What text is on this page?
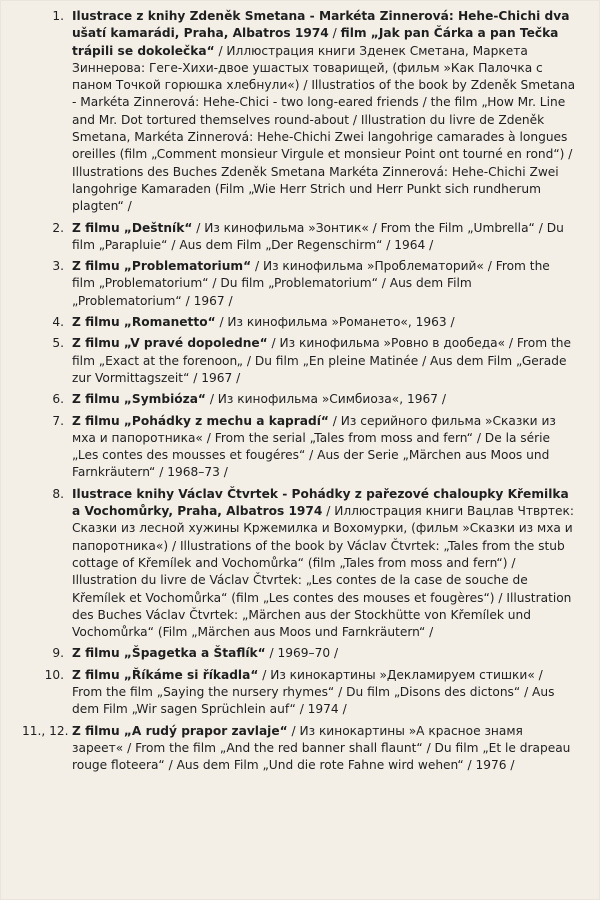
1. Ilustrace z knihy Zdeněk Smetana - Markéta Zinnerová: Hehe-Chichi dva ušatí kamarádi, Praha, Albatros 1974 / film „Jak pan Čárka a pan Tečka trápili se dokolečka“ / Иллюстрация книги Зденек Сметана, Маркета Зиннерова: Геге-Хихи-двое ушастых товарищей, (фильм »Как Палочка с паном Точкой горюшка хлебнули«) / Illustratios of the book by Zdeněk Smetana - Markéta Zinnerová: Hehe-Chici - two long-eared friends / the film „How Mr. Line and Mr. Dot tortured themselves round-about / Illustration du livre de Zdeněk Smetana, Markéta Zinnerová: Hehe-Chichi Zwei langohrige camarades à longues oreilles (film „Comment monsieur Virgule et monsieur Point ont tourné en rond“) / Illustrations des Buches Zdeněk Smetana Markéta Zinnerová: Hehe-Chichi Zwei langohrige Kamaraden (Film „Wie Herr Strich und Herr Punkt sich rundherum plagten“ /
2. Z filmu „Deštník“ / Из кинофильма »Зонтик« / From the Film „Umbrella“ / Du film „Parapluie“ / Aus dem Film „Der Regenschirm“ / 1964 /
3. Z filmu „Problematorium“ / Из кинофильма »Проблематорий« / From the film „Problematorium“ / Du film „Problematorium“ / Aus dem Film „Problematorium“ / 1967 /
4. Z filmu „Romanetto“ / Из кинофильма »Романето«, 1963 /
5. Z filmu „V pravé dopoledne“ / Из кинофильма »Ровно в дообеда« / From the film „Exact at the forenoon„ / Du film „En pleine Matinée / Aus dem Film „Gerade zur Vormittagszeit“ / 1967 /
6. Z filmu „Symbióza“ / Из кинофильма »Симбиоза«, 1967 /
7. Z filmu „Pohádky z mechu a kapradí“ / Из серийного фильма »Сказки из мха и папоротника« / From the serial „Tales from moss and fern“ / De la série „Les contes des mousses et fougéres“ / Aus der Serie „Märchen aus Moos und Farnkräutern“ / 1968–73 /
8. Ilustrace knihy Václav Čtvrtek - Pohádky z pařezové chaloupky Křemilka a Vochomůrky, Praha, Albatros 1974 / Иллюстрация книги Вацлав Чтвртек: Сказки из лесной хужины Кржемилка и Вохомурки, (фильм »Сказки из мха и папоротника«) / Illustrations of the book by Václav Čtvrtek: „Tales from the stub cottage of Křemílek and Vochomůrka“ (film „Tales from moss and fern“) / Illustration du livre de Václav Čtvrtek: „Les contes de la case de souche de Křemílek et Vochomůrka“ (film „Les contes des mouses et fougères“) / Illustration des Buches Václav Čtvrtek: „Märchen aus der Stockhütte von Křemílek und Vochomůrka“ (Film „Märchen aus Moos und Farnkräutern“ /
9. Z filmu „Špagetka a Štaflík“ / 1969–70 /
10. Z filmu „Říkáme si říkadla“ / Из кинокартины »Декламируем стишки« / From the film „Saying the nursery rhymes“ / Du film „Disons des dictons“ / Aus dem Film „Wir sagen Sprüchlein auf“ / 1974 /
11., 12. Z filmu „A rudý prapor zavlaje“ / Из кинокартины »А красное знамя зареет« / From the film „And the red banner shall flaunt“ / Du film „Et le drapeau rouge floteera“ / Aus dem Film „Und die rote Fahne wird wehen“ / 1976 /
